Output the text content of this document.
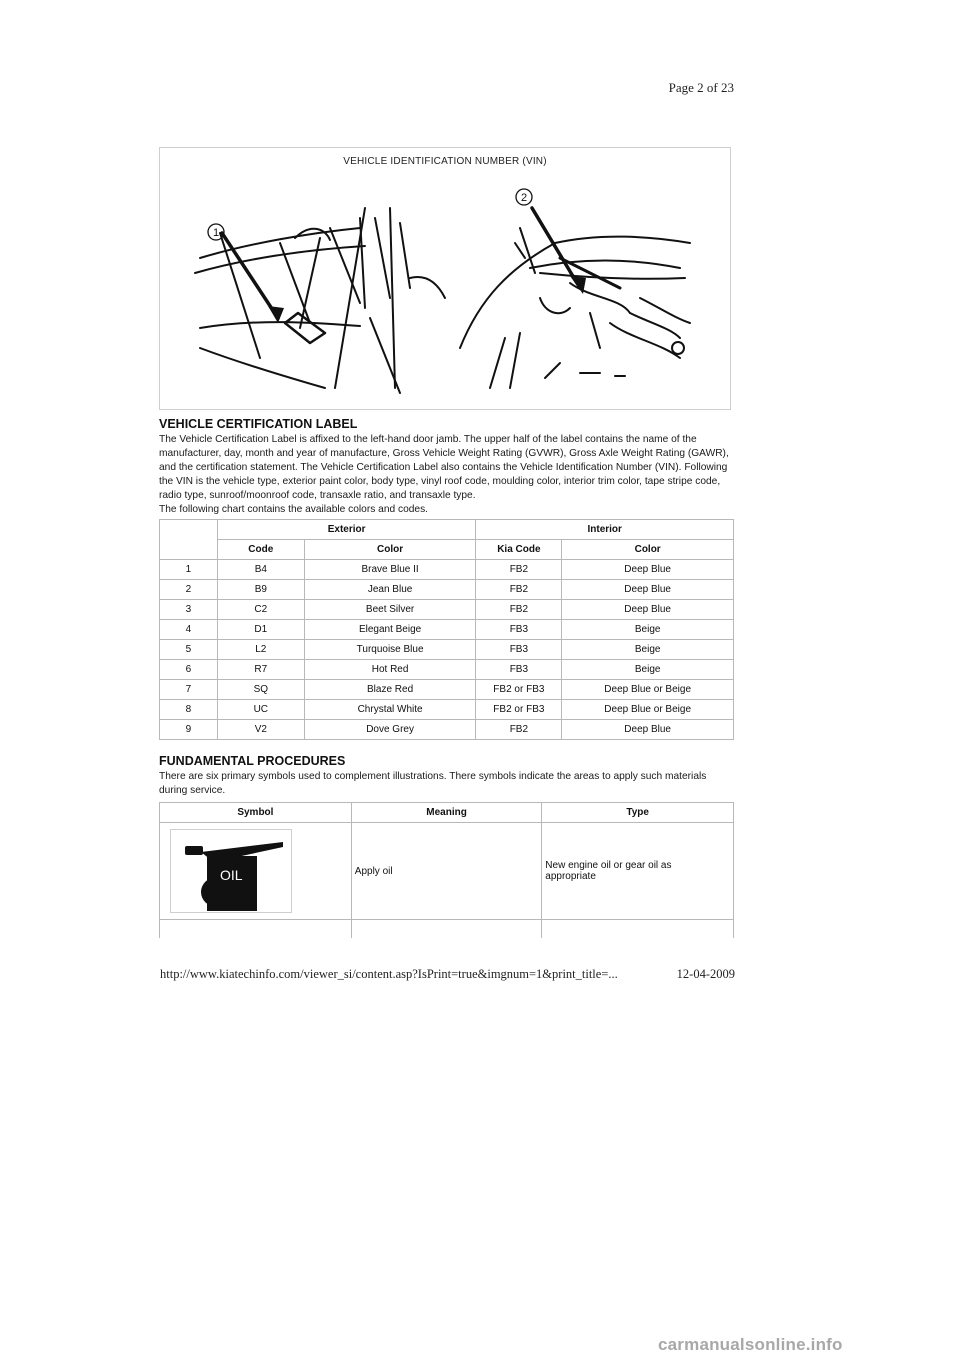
Page 2 of 23
VEHICLE IDENTIFICATION NUMBER (VIN)
1
2
VEHICLE CERTIFICATION LABEL

The Vehicle Certification Label is affixed to the left-hand door jamb. The upper half of the label contains the name of the manufacturer, day, month and year of manufacture, Gross Vehicle Weight Rating (GVWR), Gross Axle Weight Rating (GAWR), and the certification statement. The Vehicle Certification Label also contains the Vehicle Identification Number (VIN). Following the VIN is the vehicle type, exterior paint color, body type, vinyl roof code, moulding color, interior trim color, tape stripe code, radio type, sunroof/moonroof code, transaxle ratio, and transaxle type.

The following chart contains the available colors and codes.

	Exterior		Interior	
	Code	Color	Kia Code	Color
1	B4	Brave Blue II	FB2	Deep Blue
2	B9	Jean Blue	FB2	Deep Blue
3	C2	Beet Silver	FB2	Deep Blue
4	D1	Elegant Beige	FB3	Beige
5	L2	Turquoise Blue	FB3	Beige
6	R7	Hot Red	FB3	Beige
7	SQ	Blaze Red	FB2 or FB3	Deep Blue or Beige
8	UC	Chrystal White	FB2 or FB3	Deep Blue or Beige
9	V2	Dove Grey	FB2	Deep Blue
FUNDAMENTAL PROCEDURES

There are six primary symbols used to complement illustrations. There symbols indicate the areas to apply such materials during service.

Symbol	Meaning	Type

OIL	Apply oil	New engine oil or gear oil as appropriate

http://www.kiatechinfo.com/viewer_si/content.asp?IsPrint=true&imgnum=1&print_title=...	12-04-2009
carmanualsonline.info
